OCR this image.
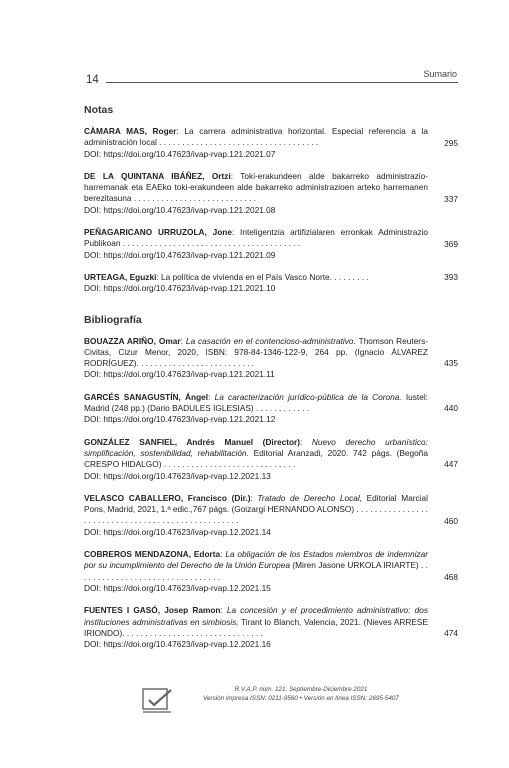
14	Sumario
Notas
CÀMARA MAS, Roger: La carrera administrativa horizontal. Especial referencia a la administración local . . . . . . . . . . . . . . . . . . . . . . . . . . . . . . . . . . .
DOI: https://doi.org/10.47623/ivap-rvap.121.2021.07
295
DE LA QUINTANA IBÁÑEZ, Ortzi: Toki-erakundeen alde bakarreko administrazio-harremanak eta EAEko toki-erakundeen alde bakarreko administrazioen arteko harremanen berezitasuna . . . . . . . . . . . . . . . . . . . . . . . . . . .
DOI: https://doi.org/10.47623/ivap-rvap.121.2021.08
337
PEÑAGARICANO URRUZOLA, Jone: Inteligentzia artifizialaren erronkak Administrazio Publikoan . . . . . . . . . . . . . . . . . . . . . . . . . . . . . . . . . . . . . . .
DOI: https://doi.org/10.47623/ivap-rvap.121.2021.09
369
URTEAGA, Eguzki: La política de vivienda en el País Vasco Norte. . . . . . . . .
DOI: https://doi.org/10.47623/ivap-rvap.121.2021.10
393
Bibliografía
BOUAZZA ARIÑO, Omar: La casación en el contencioso-administrativo. Thomson Reuters-Civitas, Cizur Menor, 2020, ISBN: 978-84-1346-122-9, 264 pp. (Ignacio ÁLVAREZ RODRÍGUEZ). . . . . . . . . . . . . . . . . . . . . . . . . .
DOI: https://doi.org/10.47623/ivap-rvap.121.2021.11
435
GARCÉS SANAGUSTÍN, Ángel: La caracterización jurídico-pública de la Corona. Iustel: Madrid (248 pp.) (Dario BADULES IGLESIAS) . . . . . . . . . . . .
DOI: https://doi.org/10.47623/ivap-rvap.121.2021.12
440
GONZÁLEZ SANFIEL, Andrés Manuel (Director): Nuevo derecho urbanístico: simplificación, sostenibilidad, rehabilitación. Editorial Aranzadi, 2020. 742 págs. (Begoña CRESPO HIDALGO) . . . . . . . . . . . . . . . . . . . . . . . . . . . . .
DOI: https://doi.org/10.47623/ivap-rvap.12.2021.13
447
VELASCO CABALLERO, Francisco (Dir.): Tratado de Derecho Local, Editorial Marcial Pons, Madrid, 2021, 1.ª edic.,767 págs. (Goizargi HERNANDO ALONSO) . . . . . . . . . . . . . . . . . . . . . . . . . . . . . . . . . . . . . . . . . . . . . . . . . .
DOI: https://doi.org/10.47623/ivap-rvap.12.2021.14
460
COBREROS MENDAZONA, Edorta: La obligación de los Estados miembros de indemnizar por su incumplimiento del Derecho de la Unión Europea (Miren Jasone URKOLA IRIARTE) . . . . . . . . . . . . . . . . . . . . . . . . . . . . . . . .
DOI: https://doi.org/10.47623/ivap-rvap.12.2021.15
468
FUENTES I GASÓ, Josep Ramon: La concesión y el procedimiento administrativo: dos instituciones administrativas en simbiosis, Tirant lo Blanch, Valencia, 2021. (Nieves ARRESE IRIONDO). . . . . . . . . . . . . . . . . . . . . . . . . . . . . . .
DOI: https://doi.org/10.47623/ivap-rvap.12.2021.16
474
R.V.A.P. núm. 121. Septiembre-Diciembre 2021
Versión impresa ISSN: 0211-9560 • Versión en línea ISSN: 2695-5407
